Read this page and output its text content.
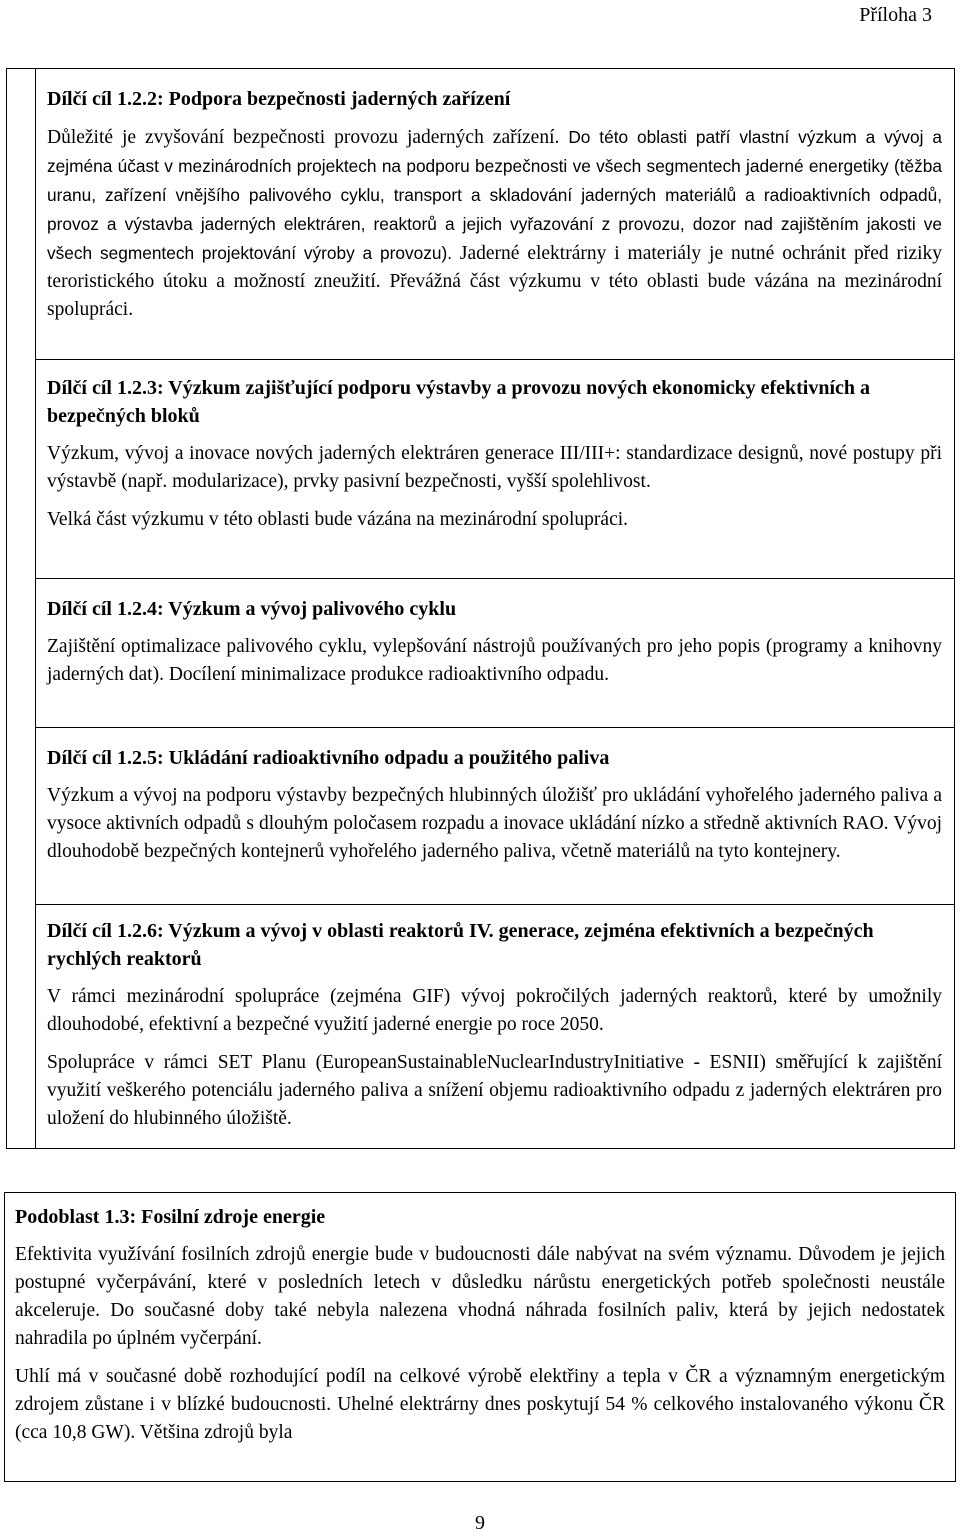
Příloha 3
Dílčí cíl 1.2.2: Podpora bezpečnosti jaderných zařízení

Důležité je zvyšování bezpečnosti provozu jaderných zařízení. Do této oblasti patří vlastní výzkum a vývoj a zejména účast v mezinárodních projektech na podporu bezpečnosti ve všech segmentech jaderné energetiky (těžba uranu, zařízení vnějšího palivového cyklu, transport a skladování jaderných materiálů a radioaktivních odpadů, provoz a výstavba jaderných elektráren, reaktorů a jejich vyřazování z provozu, dozor nad zajištěním jakosti ve všech segmentech projektování výroby a provozu). Jaderné elektrárny i materiály je nutné ochránit před riziky teroristického útoku a možností zneužití. Převážná část výzkumu v této oblasti bude vázána na mezinárodní spolupráci.

Dílčí cíl 1.2.3: Výzkum zajišťující podporu výstavby a provozu nových ekonomicky efektivních a bezpečných bloků

Výzkum, vývoj a inovace nových jaderných elektráren generace III/III+: standardizace designů, nové postupy při výstavbě (např. modularizace), prvky pasivní bezpečnosti, vyšší spolehlivost.

Velká část výzkumu v této oblasti bude vázána na mezinárodní spolupráci.

Dílčí cíl 1.2.4: Výzkum a vývoj palivového cyklu

Zajištění optimalizace palivového cyklu, vylepšování nástrojů používaných pro jeho popis (programy a knihovny jaderných dat). Docílení minimalizace produkce radioaktivního odpadu.

Dílčí cíl 1.2.5: Ukládání radioaktivního odpadu a použitého paliva

Výzkum a vývoj na podporu výstavby bezpečných hlubinných úložišť pro ukládání vyhořelého jaderného paliva a vysoce aktivních odpadů s dlouhým poločasem rozpadu a inovace ukládání nízko a středně aktivních RAO. Vývoj dlouhodobě bezpečných kontejnerů vyhořelého jaderného paliva, včetně materiálů na tyto kontejnery.

Dílčí cíl 1.2.6: Výzkum a vývoj v oblasti reaktorů IV. generace, zejména efektivních a bezpečných rychlých reaktorů

V rámci mezinárodní spolupráce (zejména GIF) vývoj pokročilých jaderných reaktorů, které by umožnily dlouhodobé, efektivní a bezpečné využití jaderné energie po roce 2050.

Spolupráce v rámci SET Planu (EuropeanSustainableNuclearIndustryInitiative - ESNII) směřující k zajištění využití veškerého potenciálu jaderného paliva a snížení objemu radioaktivního odpadu z jaderných elektráren pro uložení do hlubinného úložiště.

Podoblast 1.3: Fosilní zdroje energie

Efektivita využívání fosilních zdrojů energie bude v budoucnosti dále nabývat na svém významu. Důvodem je jejich postupné vyčerpávání, které v posledních letech v důsledku nárůstu energetických potřeb společnosti neustále akceleruje. Do současné doby také nebyla nalezena vhodná náhrada fosilních paliv, která by jejich nedostatek nahradila po úplném vyčerpání.

Uhlí má v současné době rozhodující podíl na celkové výrobě elektřiny a tepla v ČR a významným energetickým zdrojem zůstane i v blízké budoucnosti. Uhelné elektrárny dnes poskytují 54 % celkového instalovaného výkonu ČR (cca 10,8 GW). Většina zdrojů byla

9
